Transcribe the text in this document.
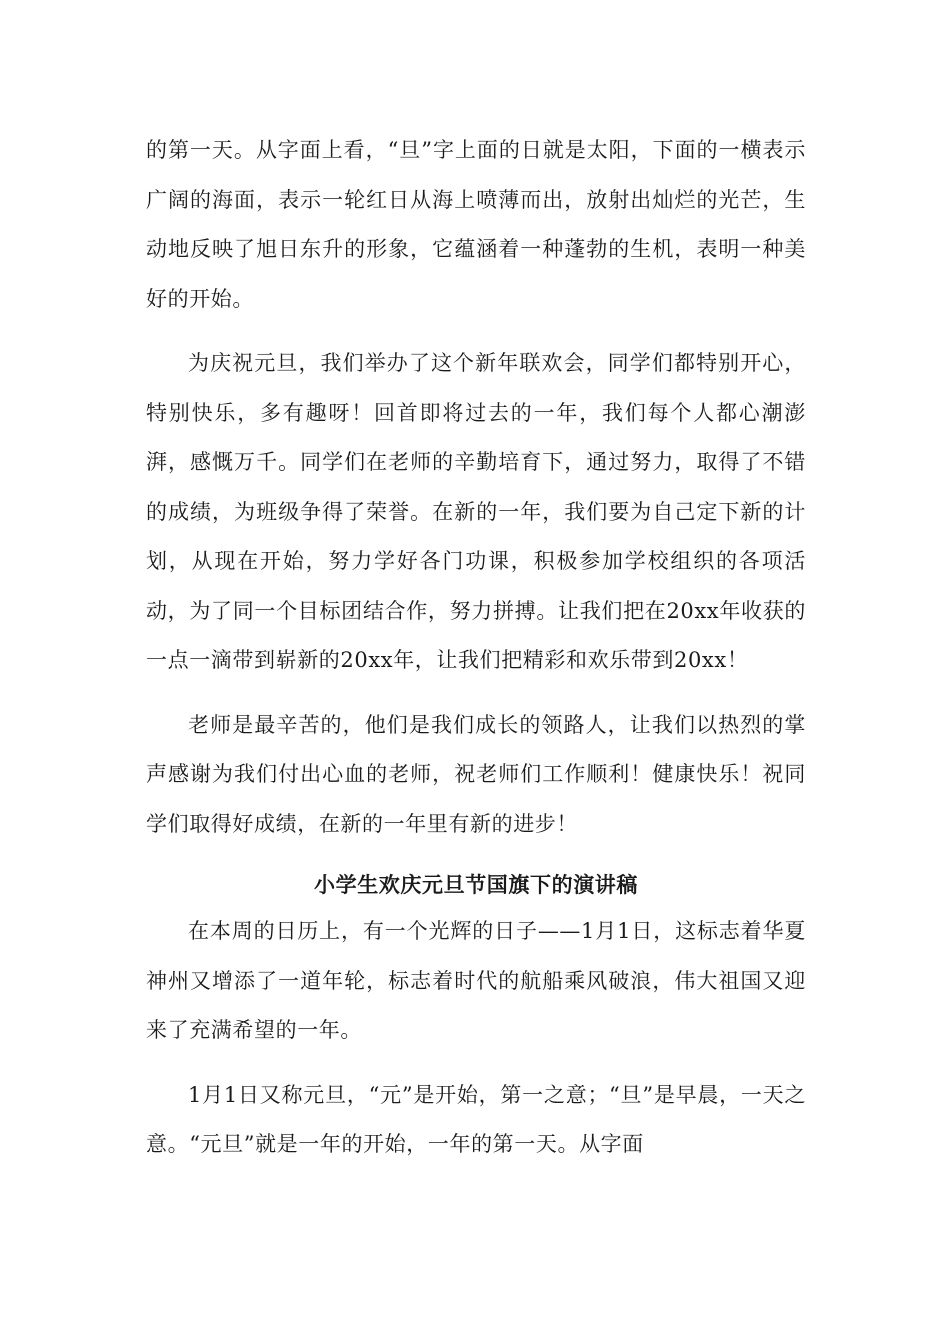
的第一天。从字面上看，“旦”字上面的日就是太阳，下面的一横表示广阔的海面，表示一轮红日从海上喷薄而出，放射出灿烂的光芒，生动地反映了旭日东升的形象，它蕴涵着一种蓬勃的生机，表明一种美好的开始。

为庆祝元旦，我们举办了这个新年联欢会，同学们都特别开心，特别快乐，多有趣呀！回首即将过去的一年，我们每个人都心潮澎湃，感慨万千。同学们在老师的辛勤培育下，通过努力，取得了不错的成绩，为班级争得了荣誉。在新的一年，我们要为自己定下新的计划，从现在开始，努力学好各门功课，积极参加学校组织的各项活动，为了同一个目标团结合作，努力拼搏。让我们把在20xx年收获的一点一滴带到崭新的20xx年，让我们把精彩和欢乐带到20xx！

老师是最辛苦的，他们是我们成长的领路人，让我们以热烈的掌声感谢为我们付出心血的老师，祝老师们工作顺利！健康快乐！祝同学们取得好成绩，在新的一年里有新的进步！

小学生欢庆元旦节国旗下的演讲稿

在本周的日历上，有一个光辉的日子——1月1日，这标志着华夏神州又增添了一道年轮，标志着时代的航船乘风破浪，伟大祖国又迎来了充满希望的一年。

1月1日又称元旦，“元”是开始，第一之意；“旦”是早晨，一天之意。“元旦”就是一年的开始，一年的第一天。从字面
